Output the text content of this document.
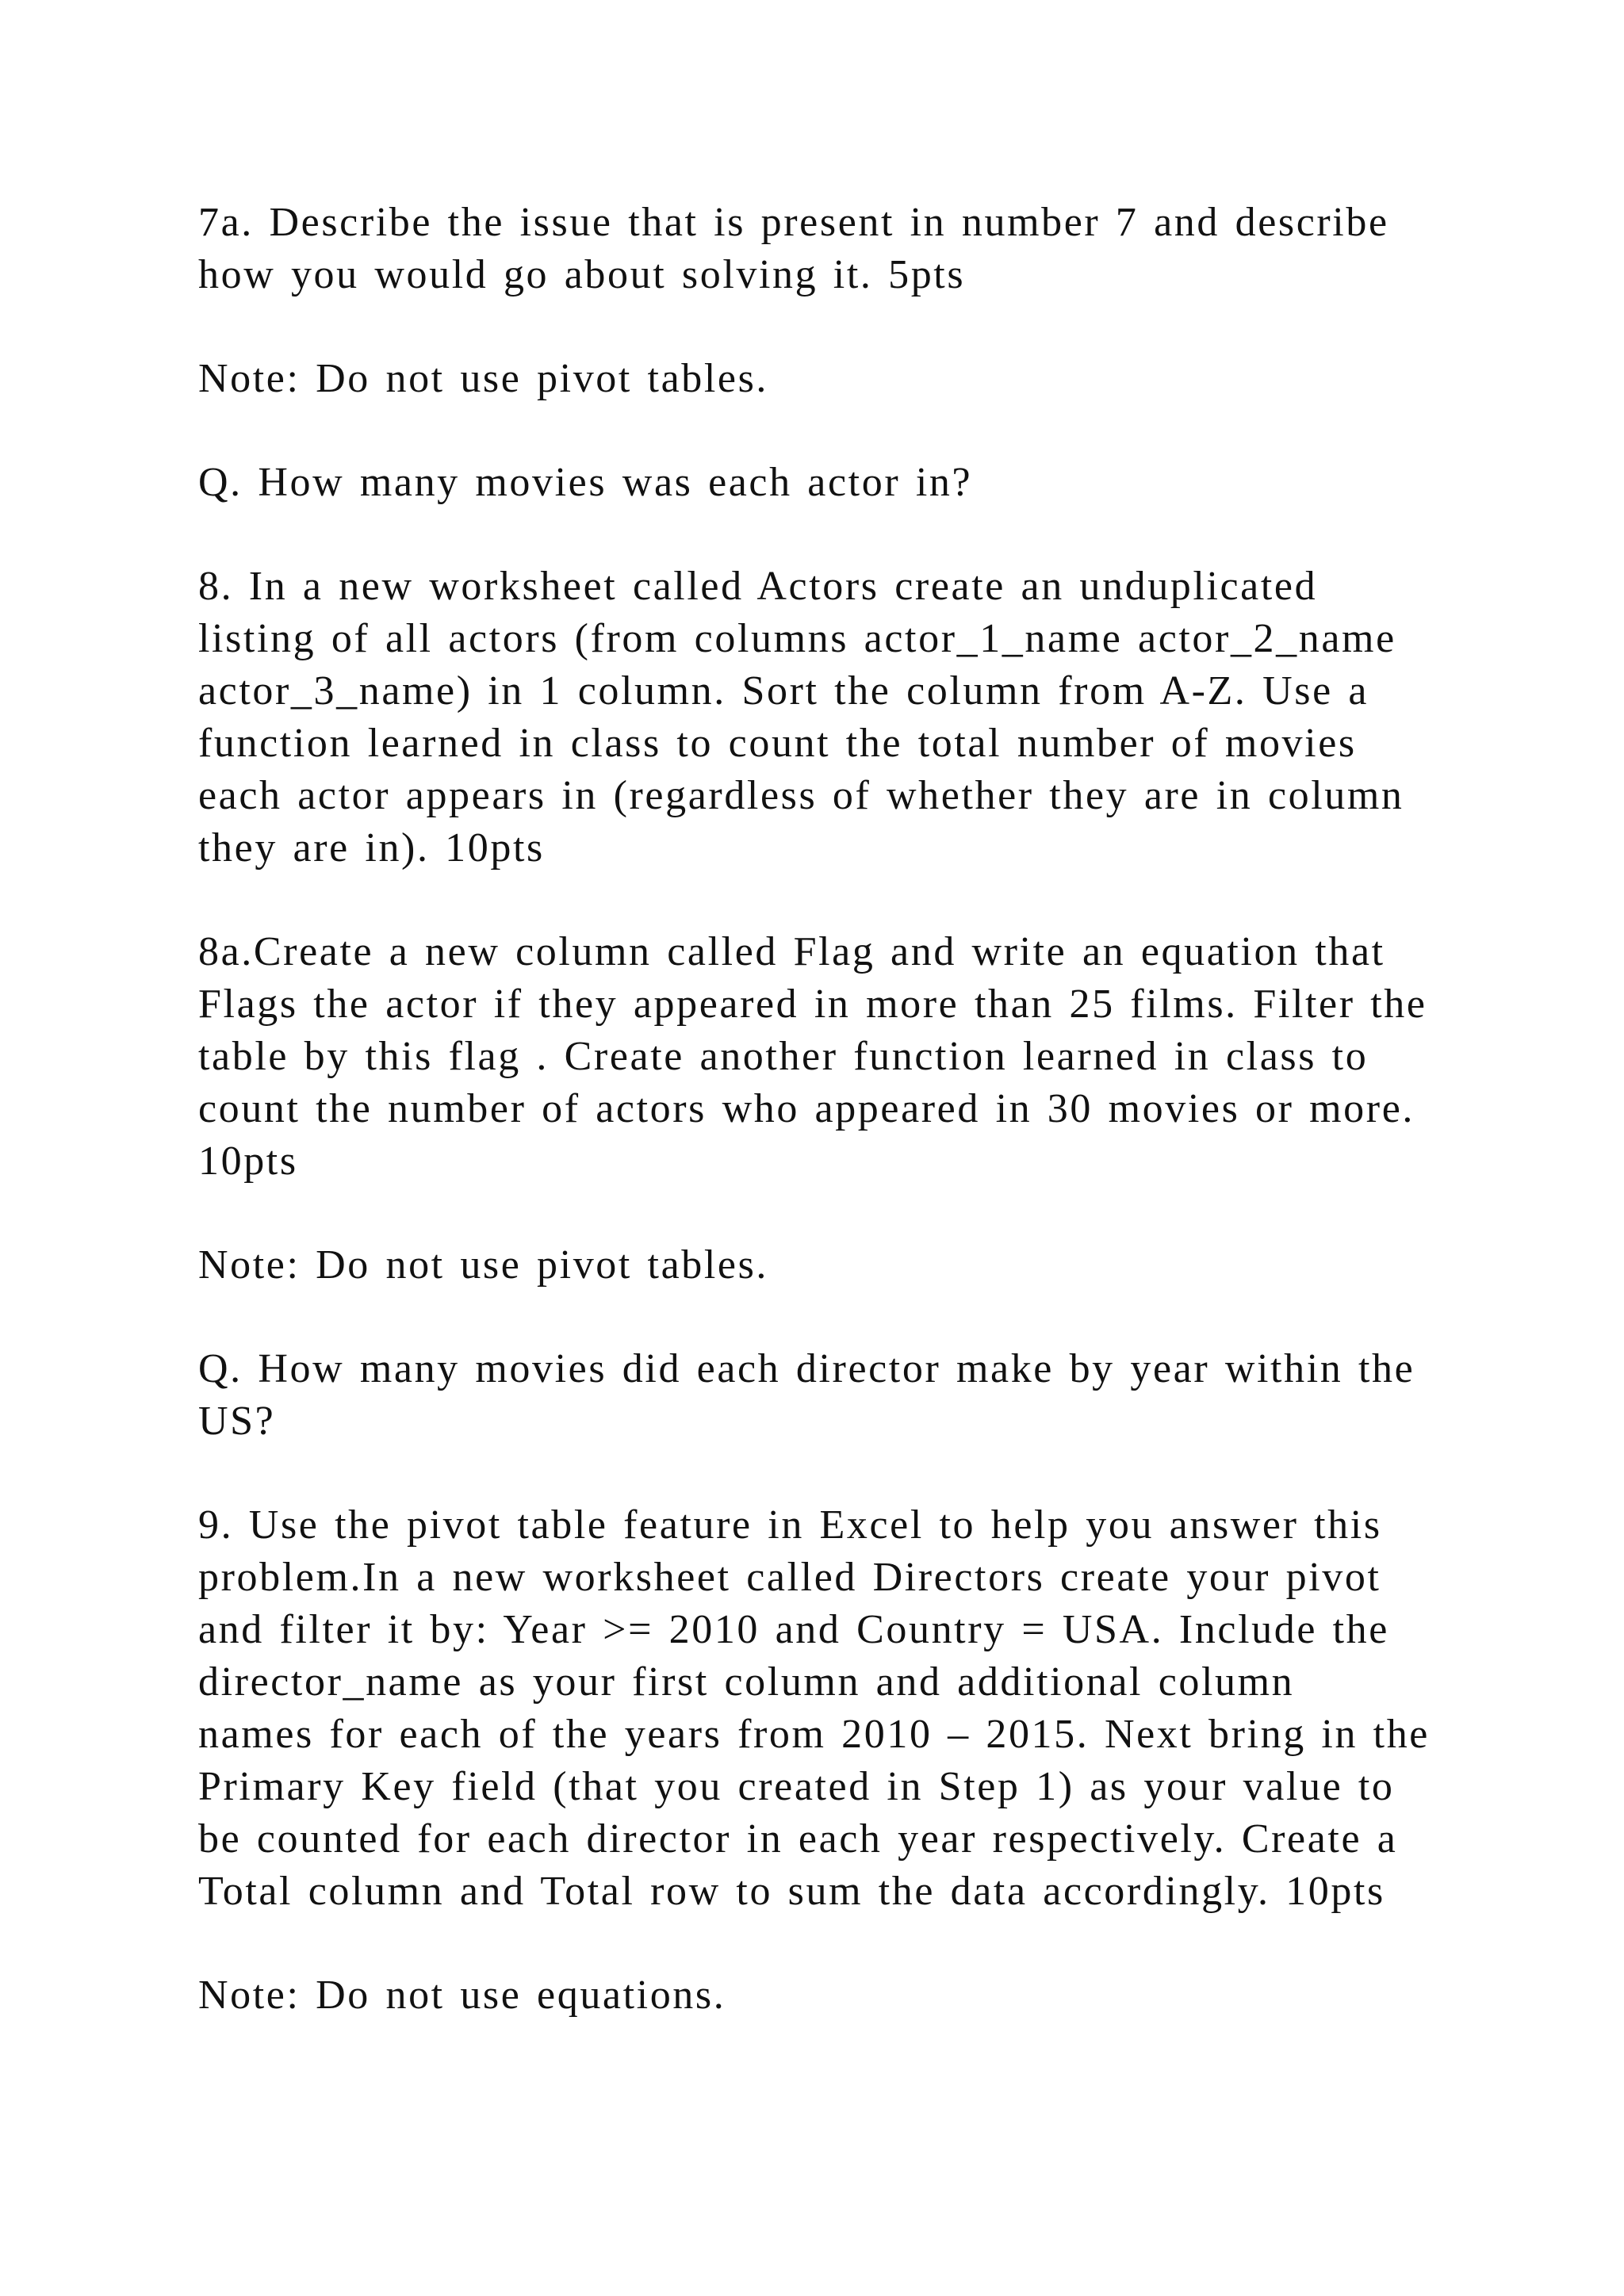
7a. Describe the issue that is present in number 7 and describe
how you would go about solving it. 5pts

Note: Do not use pivot tables.

Q. How many movies was each actor in?

8. In a new worksheet called Actors create an unduplicated
listing of all actors (from columns actor_1_name actor_2_name
actor_3_name) in 1 column. Sort the column from A-Z. Use a
function learned in class to count the total number of movies
each actor appears in (regardless of whether they are in column
they are in). 10pts

8a.Create a new column called Flag and write an equation that
Flags the actor if they appeared in more than 25 films. Filter the
table by this flag . Create another function learned in class to
count the number of actors who appeared in 30 movies or more.
10pts

Note: Do not use pivot tables.

Q. How many movies did each director make by year within the
US?

9. Use the pivot table feature in Excel to help you answer this
problem.In a new worksheet called Directors create your pivot
and filter it by: Year >= 2010 and Country = USA. Include the
director_name as your first column and additional column
names for each of the years from 2010 – 2015. Next bring in the
Primary Key field (that you created in Step 1) as your value to
be counted for each director in each year respectively. Create a
Total column and Total row to sum the data accordingly. 10pts

Note: Do not use equations.
